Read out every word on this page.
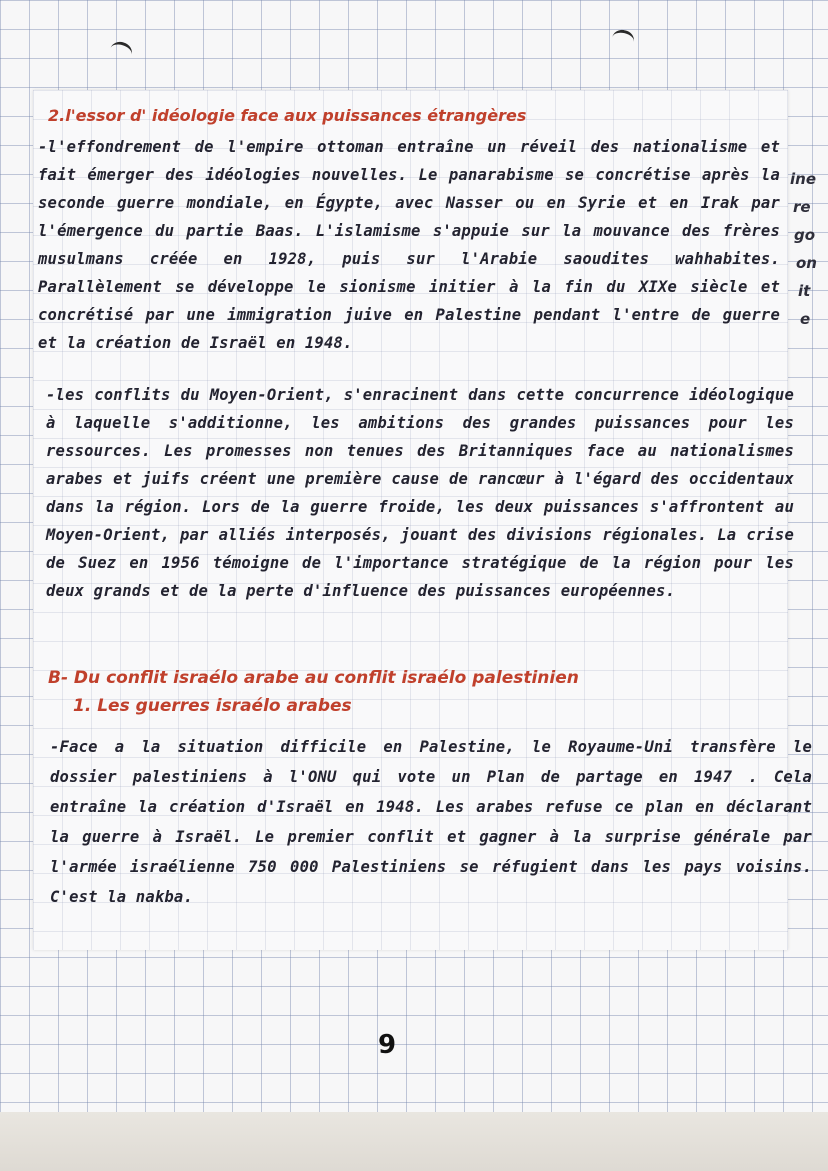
ine
re
go
on
it
e

2.l'essor d' idéologie face aux puissances étrangères

-l'effondrement de l'empire ottoman entraîne un réveil des nationalisme et fait émerger des idéologies nouvelles. Le panarabisme se concrétise après la seconde guerre mondiale, en Égypte, avec Nasser ou en Syrie et en Irak par l'émergence du partie Baas. L'islamisme s'appuie sur la mouvance des frères musulmans créée en 1928, puis sur l'Arabie saoudites wahhabites. Parallèlement se développe le sionisme initier à la fin du XIXe siècle et concrétisé par une immigration juive en Palestine pendant l'entre de guerre et la création de Israël en 1948.

-les conflits du Moyen-Orient, s'enracinent dans cette concurrence idéologique à laquelle s'additionne, les ambitions des grandes puissances pour les ressources. Les promesses non tenues des Britanniques face au nationalismes arabes et juifs créent une première cause de rancœur à l'égard des occidentaux dans la région. Lors de la guerre froide, les deux puissances s'affrontent au Moyen-Orient, par alliés interposés, jouant des divisions régionales. La crise de Suez en 1956 témoigne de l'importance stratégique de la région pour les deux grands et de la perte d'influence des puissances européennes.

B- Du conflit israélo arabe au conflit israélo palestinien

1. Les guerres israélo arabes

-Face a la situation difficile en Palestine, le Royaume-Uni transfère le dossier palestiniens à l'ONU qui vote un Plan de partage en 1947 . Cela entraîne la création d'Israël en 1948. Les arabes refuse ce plan en déclarant la guerre à Israël. Le premier conflit et gagner à la surprise générale par l'armée israélienne 750 000 Palestiniens se réfugient dans les pays voisins. C'est la nakba.

9
